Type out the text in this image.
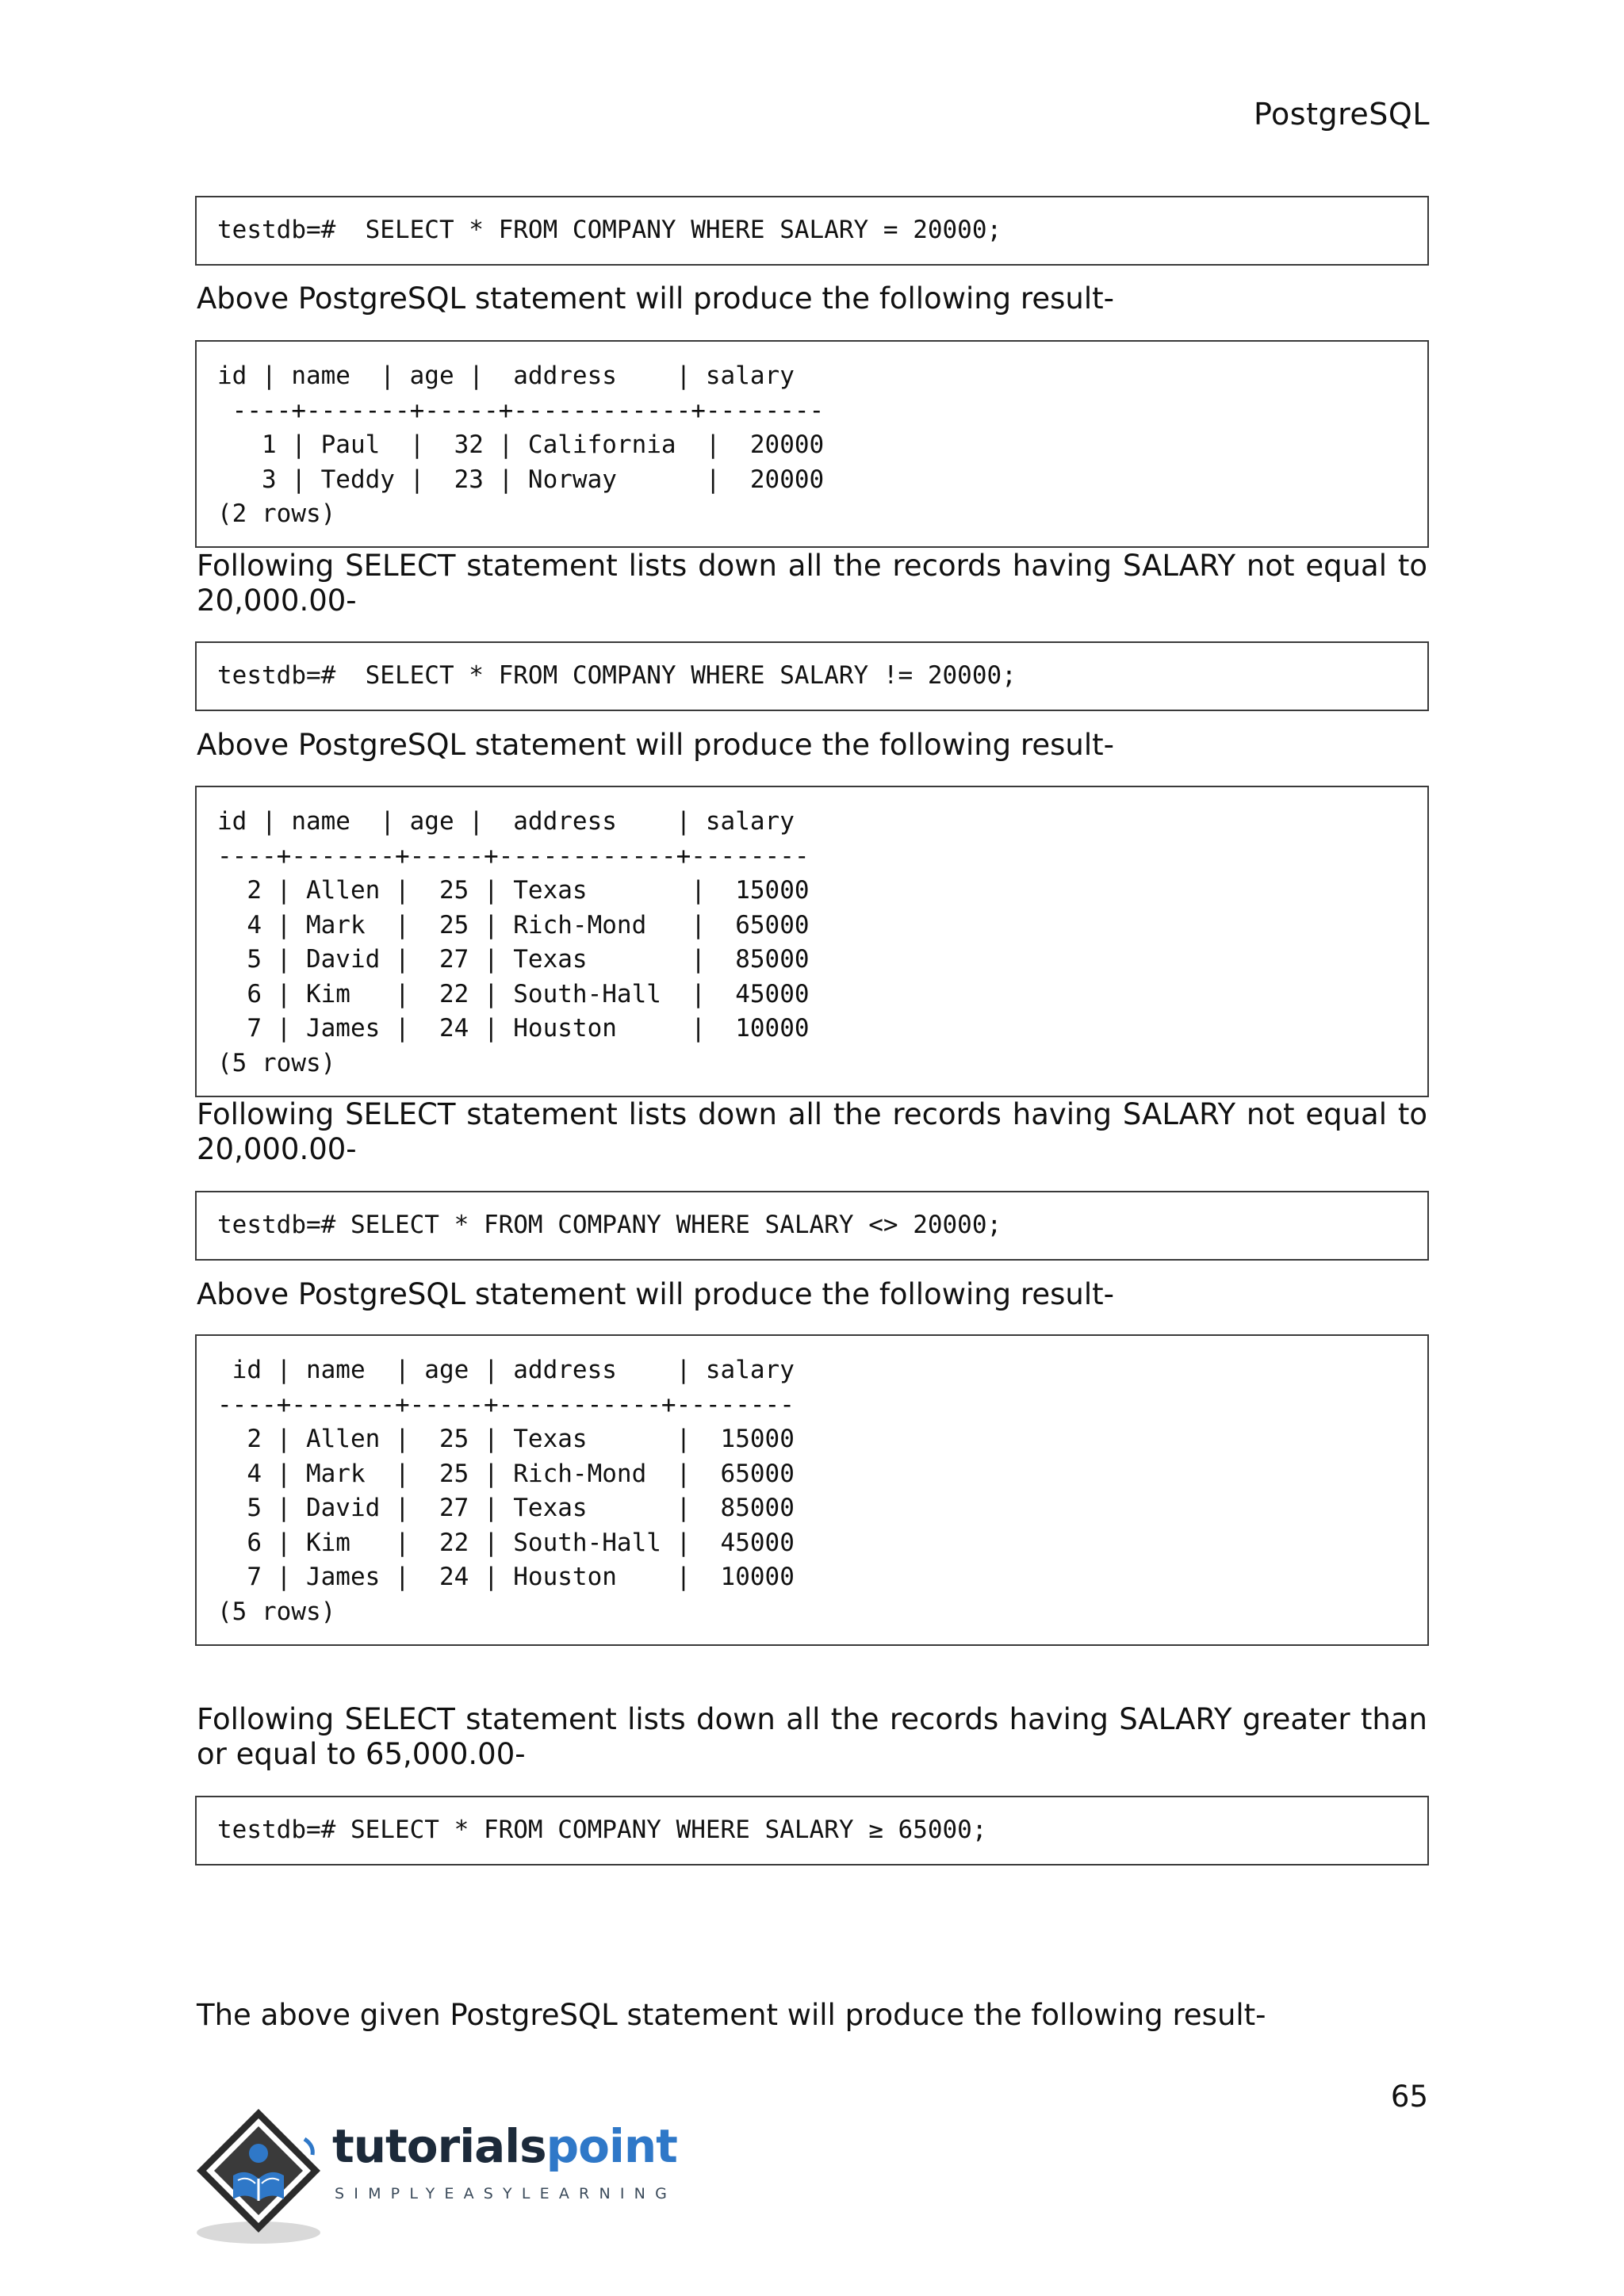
PostgreSQL
testdb=#  SELECT * FROM COMPANY WHERE SALARY = 20000;

Above PostgreSQL statement will produce the following result-

id | name  | age |  address    | salary
----+-------+-----+------------+--------
1 | Paul  |  32 | California  |  20000
3 | Teddy |  23 | Norway      |  20000
(2 rows)

Following SELECT statement lists down all the records having SALARY not equal to 20,000.00-

testdb=#  SELECT * FROM COMPANY WHERE SALARY != 20000;

Above PostgreSQL statement will produce the following result-

id | name  | age |  address    | salary
----+-------+-----+------------+--------
2 | Allen |  25 | Texas       |  15000
4 | Mark  |  25 | Rich-Mond   |  65000
5 | David |  27 | Texas       |  85000
6 | Kim   |  22 | South-Hall  |  45000
7 | James |  24 | Houston     |  10000
(5 rows)

Following SELECT statement lists down all the records having SALARY not equal to 20,000.00-

testdb=# SELECT * FROM COMPANY WHERE SALARY <> 20000;

Above PostgreSQL statement will produce the following result-

id | name  | age | address    | salary
----+-------+-----+-----------+--------
2 | Allen |  25 | Texas      |  15000
4 | Mark  |  25 | Rich-Mond  |  65000
5 | David |  27 | Texas      |  85000
6 | Kim   |  22 | South-Hall |  45000
7 | James |  24 | Houston    |  10000
(5 rows)

Following SELECT statement lists down all the records having SALARY greater than or equal to 65,000.00-

testdb=# SELECT * FROM COMPANY WHERE SALARY ≥ 65000;

The above given PostgreSQL statement will produce the following result-

65
tutorialspoint
SIMPLYEASYLEARNING
